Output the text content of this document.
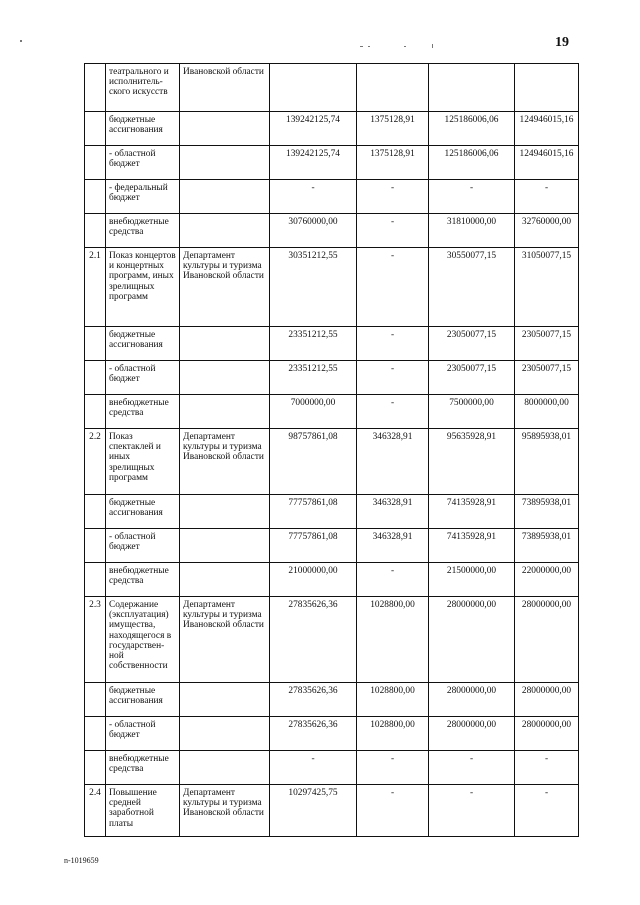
19
	театрального и исполнитель-ского искусств	Ивановской области				
	бюджетные ассигнования		139242125,74	1375128,91	125186006,06	124946015,16
	- областной бюджет		139242125,74	1375128,91	125186006,06	124946015,16
	- федеральный бюджет		-	-	-	-
	внебюджетные средства		30760000,00	-	31810000,00	32760000,00
2.1	Показ концертов и концертных программ, иных зрелищных программ	Департамент культуры и туризма Ивановской области	30351212,55	-	30550077,15	31050077,15
	бюджетные ассигнования		23351212,55	-	23050077,15	23050077,15
	- областной бюджет		23351212,55	-	23050077,15	23050077,15
	внебюджетные средства		7000000,00	-	7500000,00	8000000,00
2.2	Показ спектаклей и иных зрелищных программ	Департамент культуры и туризма Ивановской области	98757861,08	346328,91	95635928,91	95895938,01
	бюджетные ассигнования		77757861,08	346328,91	74135928,91	73895938,01
	- областной бюджет		77757861,08	346328,91	74135928,91	73895938,01
	внебюджетные средства		21000000,00	-	21500000,00	22000000,00
2.3	Содержание (эксплуатация) имущества, находящегося в государствен-ной собственности	Департамент культуры и туризма Ивановской области	27835626,36	1028800,00	28000000,00	28000000,00
	бюджетные ассигнования		27835626,36	1028800,00	28000000,00	28000000,00
	- областной бюджет		27835626,36	1028800,00	28000000,00	28000000,00
	внебюджетные средства		-	-	-	-
2.4	Повышение средней заработной платы	Департамент культуры и туризма Ивановской области	10297425,75	-	-	-
n-1019659
